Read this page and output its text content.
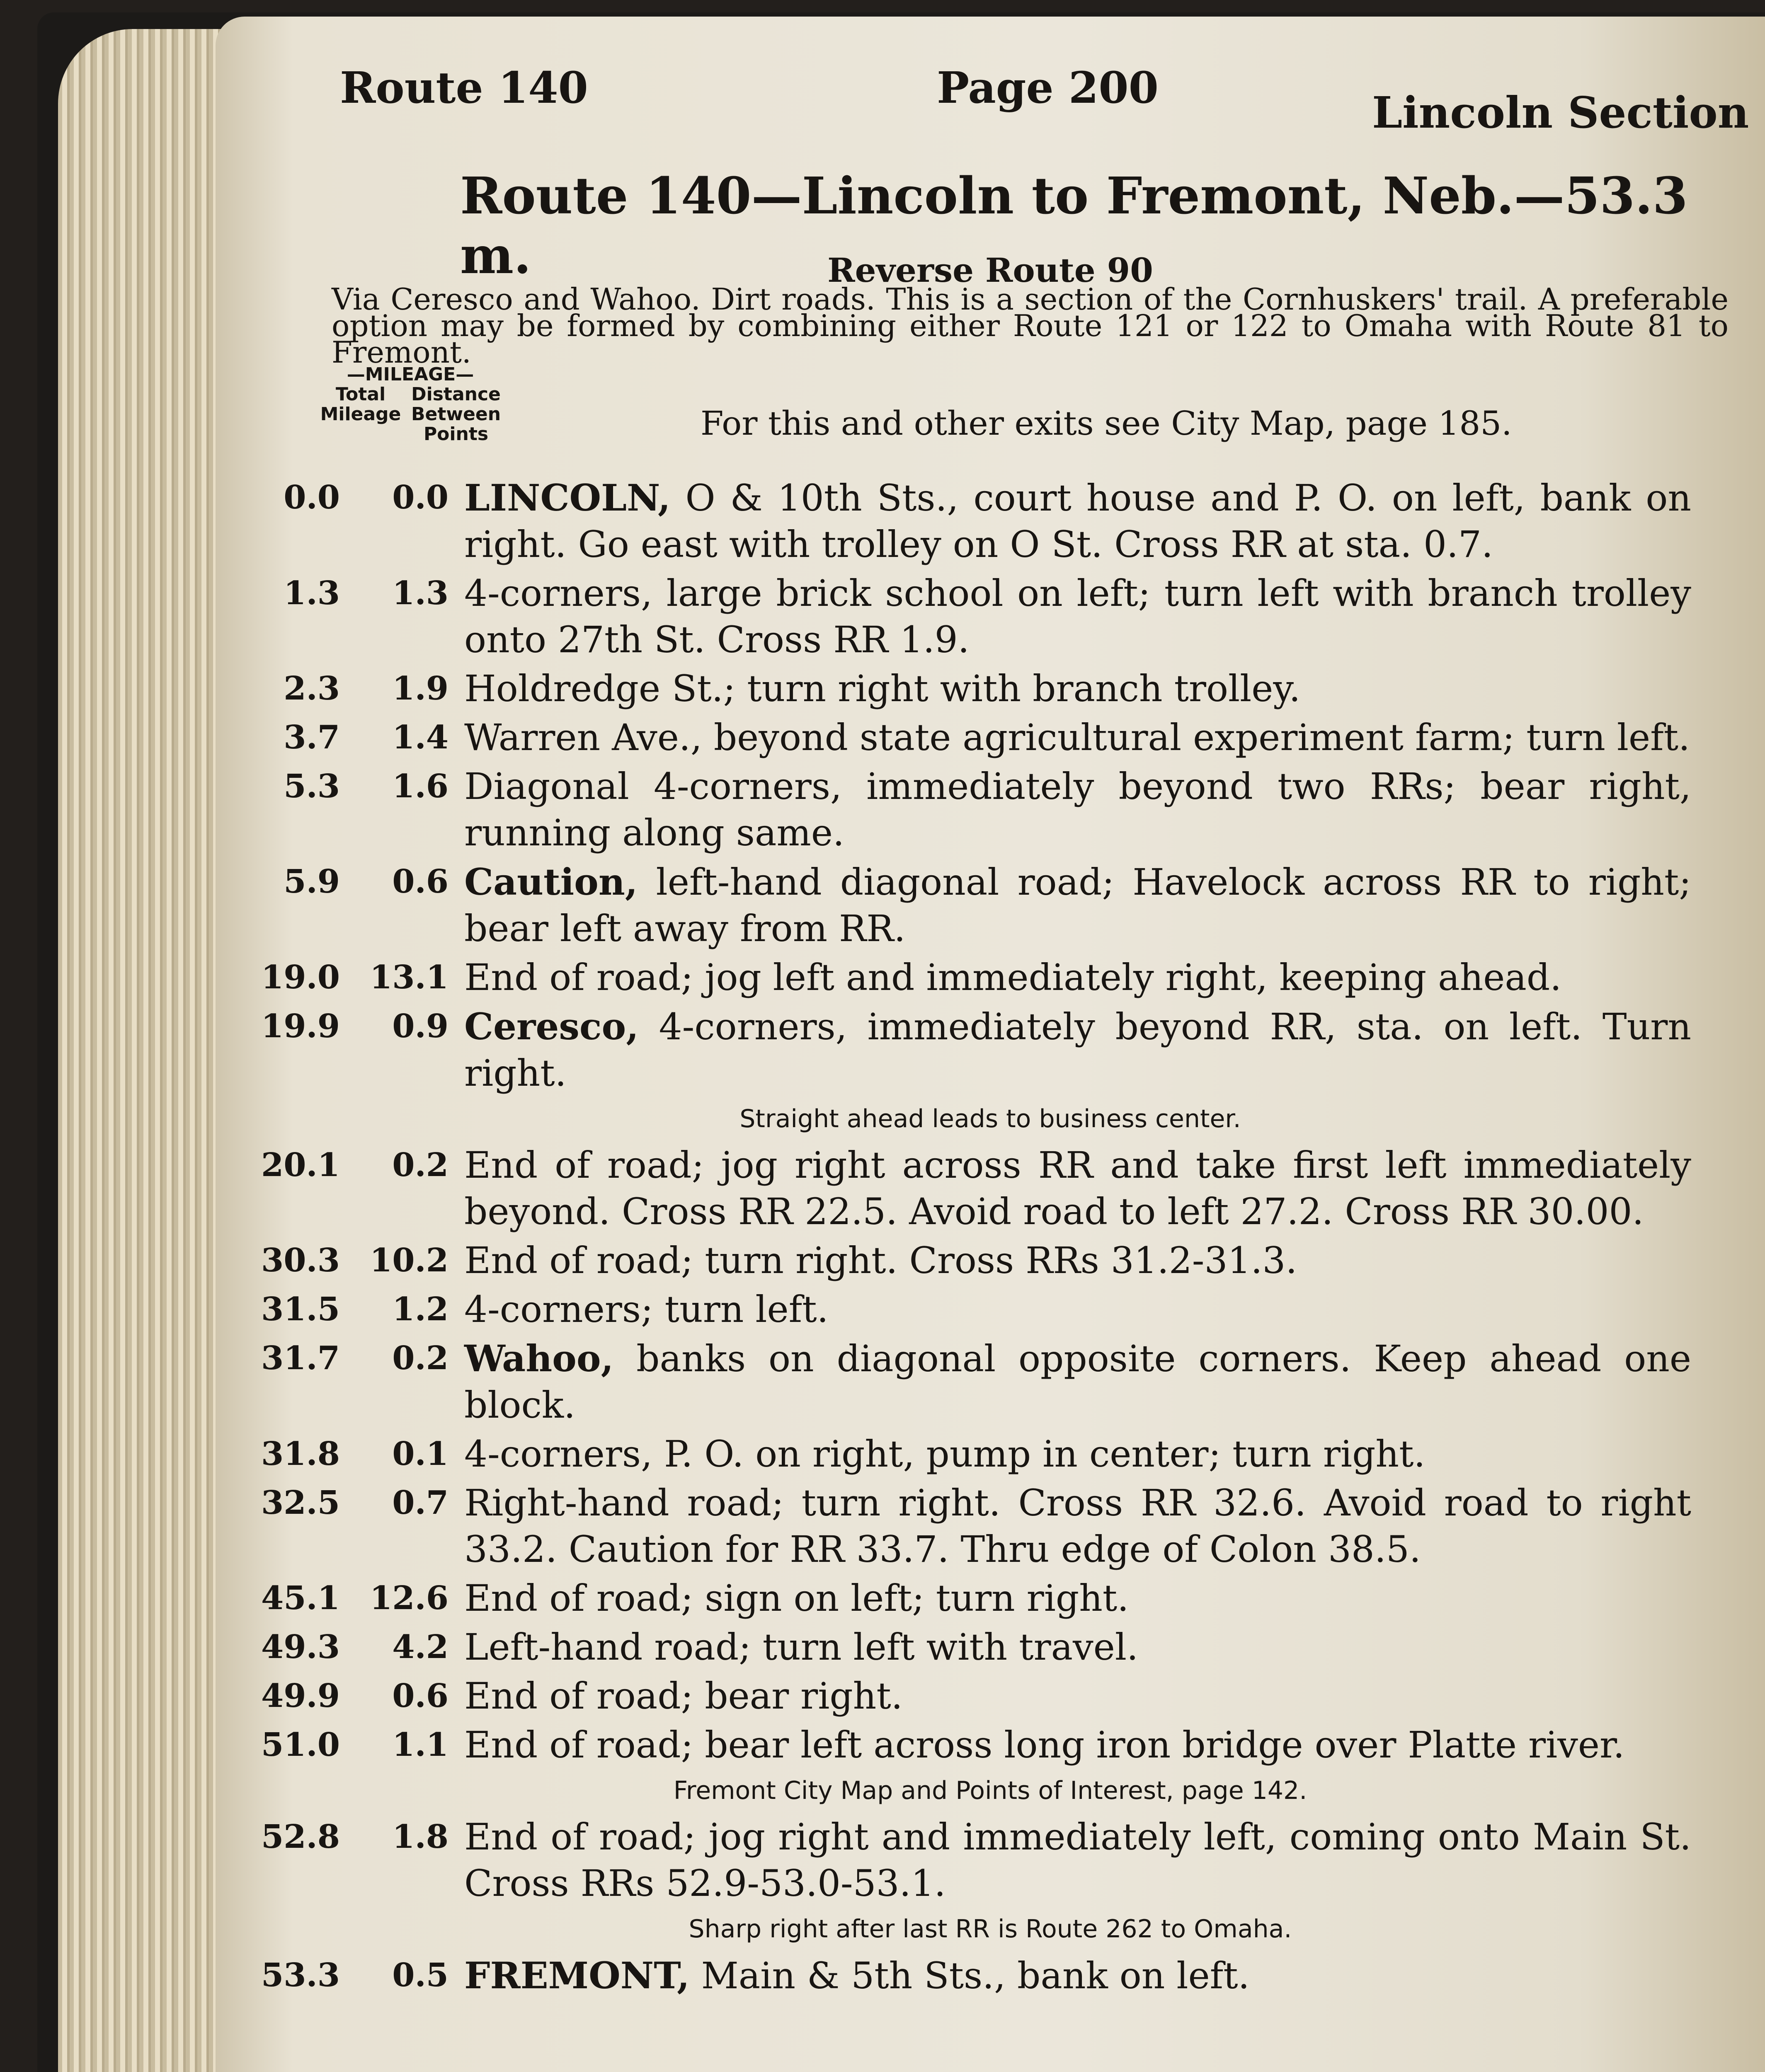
Route 140	Page 200	Lincoln Section
Route 140—Lincoln to Fremont, Neb.—53.3 m.	Reverse Route 90
Via Ceresco and Wahoo. Dirt roads. This is a section of the Cornhuskers' trail. A preferable option may be formed by combining either Route 121 or 122 to Omaha with Route 81 to Fremont.
—MILEAGE—
Total Mileage
Distance Between Points	For this and other exits see City Map, page 185.
0.0	0.0 LINCOLN, O & 10th Sts., court house and P. O. on left, bank on right. Go east with trolley on O St. Cross RR at sta. 0.7.
1.3	1.3 4-corners, large brick school on left; turn left with branch trolley onto 27th St. Cross RR 1.9.
2.3	1.9 Holdredge St.; turn right with branch trolley.
3.7	1.4 Warren Ave., beyond state agricultural experiment farm; turn left.
5.3	1.6 Diagonal 4-corners, immediately beyond two RRs; bear right, running along same.
5.9	0.6 Caution, left-hand diagonal road; Havelock across RR to right; bear left away from RR.
19.0 13.1 End of road; jog left and immediately right, keeping ahead.
19.9	0.9 Ceresco, 4-corners, immediately beyond RR, sta. on left. Turn right.
Straight ahead leads to business center.
20.1	0.2 End of road; jog right across RR and take first left immediately beyond. Cross RR 22.5. Avoid road to left 27.2. Cross RR 30.00.
30.3 10.2 End of road; turn right. Cross RRs 31.2-31.3.
31.5	1.2 4-corners; turn left.
31.7	0.2 Wahoo, banks on diagonal opposite corners. Keep ahead one block.
31.8	0.1 4-corners, P. O. on right, pump in center; turn right.
32.5	0.7 Right-hand road; turn right. Cross RR 32.6. Avoid road to right 33.2. Caution for RR 33.7. Thru edge of Colon 38.5.
45.1 12.6 End of road; sign on left; turn right.
49.3	4.2 Left-hand road; turn left with travel.
49.9	0.6 End of road; bear right.
51.0	1.1 End of road; bear left across long iron bridge over Platte river.
Fremont City Map and Points of Interest, page 142.
52.8	1.8 End of road; jog right and immediately left, coming onto Main St. Cross RRs 52.9-53.0-53.1.
Sharp right after last RR is Route 262 to Omaha.
53.3	0.5 FREMONT, Main & 5th Sts., bank on left.
